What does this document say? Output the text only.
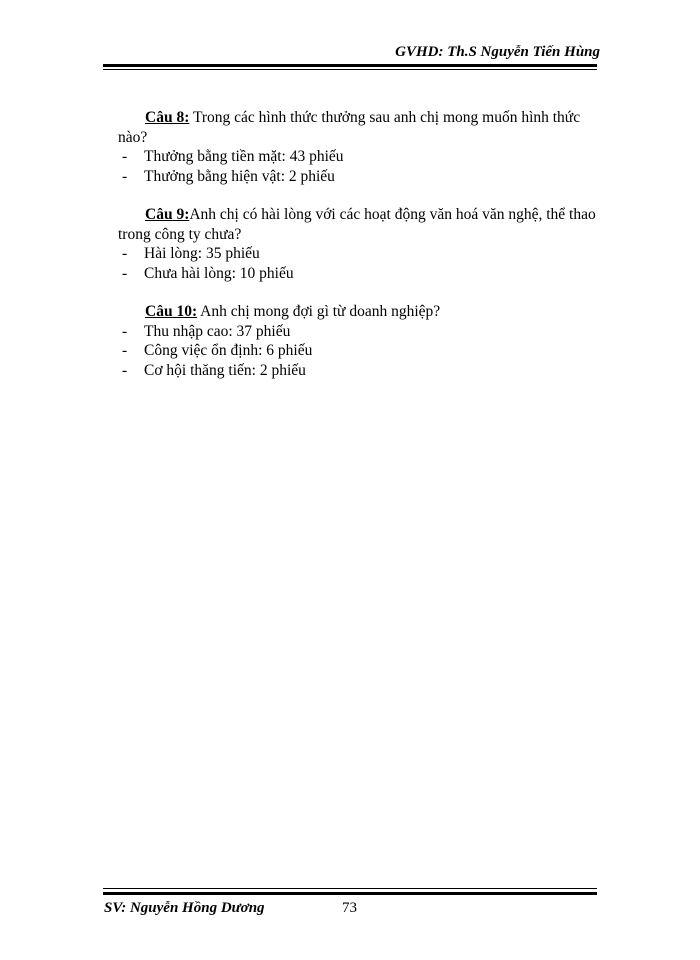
GVHD: Th.S Nguyễn Tiến Hùng

Câu 8: Trong các hình thức thưởng sau anh chị mong muốn hình thức nào?

- Thưởng bằng tiền mặt: 43 phiếu
- Thưởng bằng hiện vật: 2 phiếu

Câu 9:Anh chị có hài lòng với các hoạt động văn hoá văn nghệ, thể thao trong công ty chưa?

- Hài lòng: 35 phiếu
- Chưa hài lòng: 10 phiếu

Câu 10: Anh chị mong đợi gì từ doanh nghiệp?

- Thu nhập cao: 37 phiếu
- Công việc ổn định: 6 phiếu
- Cơ hội thăng tiến: 2 phiếu
SV: Nguyễn Hồng Dương	73
